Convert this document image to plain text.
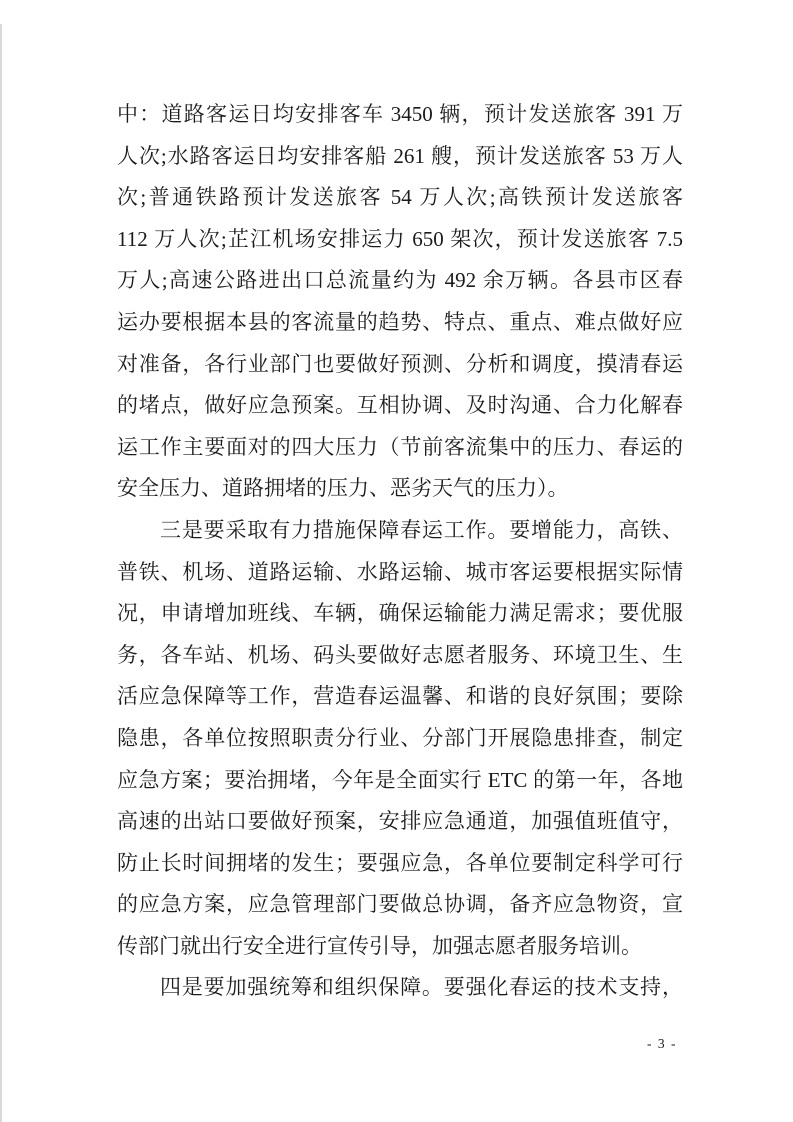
中：道路客运日均安排客车 3450 辆，预计发送旅客 391 万
人次;水路客运日均安排客船 261 艘，预计发送旅客 53 万人
次;普通铁路预计发送旅客 54 万人次;高铁预计发送旅客
112 万人次;芷江机场安排运力 650 架次，预计发送旅客 7.5
万人;高速公路进出口总流量约为 492 余万辆。各县市区春
运办要根据本县的客流量的趋势、特点、重点、难点做好应
对准备，各行业部门也要做好预测、分析和调度，摸清春运
的堵点，做好应急预案。互相协调、及时沟通、合力化解春
运工作主要面对的四大压力（节前客流集中的压力、春运的
安全压力、道路拥堵的压力、恶劣天气的压力）。
三是要采取有力措施保障春运工作。要增能力，高铁、
普铁、机场、道路运输、水路运输、城市客运要根据实际情
况，申请增加班线、车辆，确保运输能力满足需求；要优服
务，各车站、机场、码头要做好志愿者服务、环境卫生、生
活应急保障等工作，营造春运温馨、和谐的良好氛围；要除
隐患，各单位按照职责分行业、分部门开展隐患排查，制定
应急方案；要治拥堵，今年是全面实行 ETC 的第一年，各地
高速的出站口要做好预案，安排应急通道，加强值班值守，
防止长时间拥堵的发生；要强应急，各单位要制定科学可行
的应急方案，应急管理部门要做总协调，备齐应急物资，宣
传部门就出行安全进行宣传引导，加强志愿者服务培训。
四是要加强统筹和组织保障。要强化春运的技术支持，
- 3 -
